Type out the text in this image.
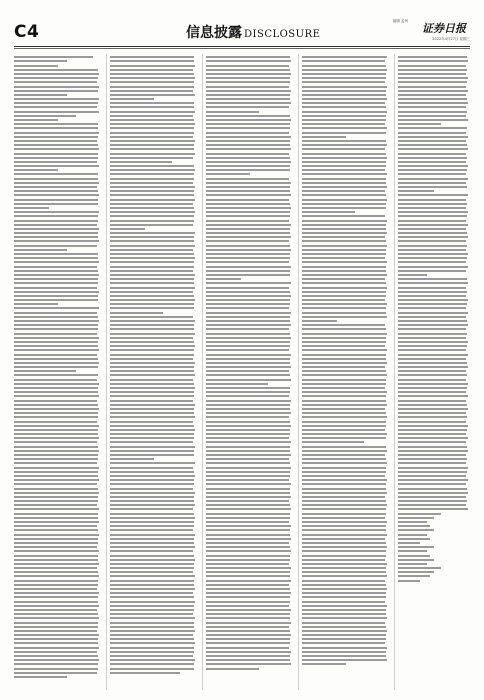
C4	信息披露 DISCLOSURE
编辑 孟珂
证券日报
2022年4月27日 星期三
